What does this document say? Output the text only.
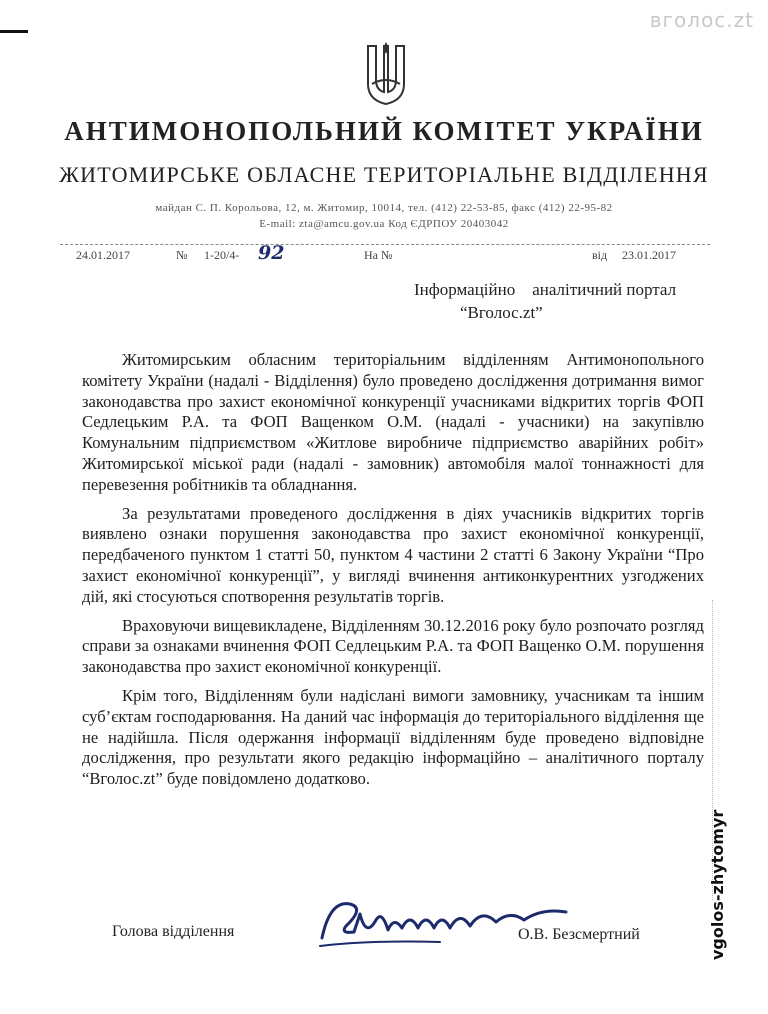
вголос.zt
АНТИМОНОПОЛЬНИЙ КОМІТЕТ УКРАЇНИ
ЖИТОМИРСЬКЕ ОБЛАСНЕ ТЕРИТОРІАЛЬНЕ ВІДДІЛЕННЯ
майдан С. П. Корольова, 12, м. Житомир, 10014, тел. (412) 22-53-85, факс (412) 22-95-82
E-mail: zta@amcu.gov.ua Код ЄДРПОУ 20403042
24.01.2017	№ 1-20/4- 92	На №	від 23.01.2017
Інформаційно    аналітичний портал
“Вголос.zt”

Житомирським обласним територіальним відділенням Антимонопольного комітету України (надалі - Відділення) було проведено дослідження дотримання вимог законодавства про захист економічної конкуренції учасниками відкритих торгів ФОП Седлецьким Р.А. та ФОП Ващенком О.М. (надалі - учасники) на закупівлю Комунальним підприємством «Житлове виробниче підприємство аварійних робіт» Житомирської міської ради (надалі - замовник) автомобіля малої тоннажності для перевезення робітників та обладнання.

За результатами проведеного дослідження в діях учасників відкритих торгів виявлено ознаки порушення законодавства про захист економічної конкуренції, передбаченого пунктом 1 статті 50, пунктом 4 частини 2 статті 6 Закону України “Про захист економічної конкуренції”, у вигляді вчинення антиконкурентних узгоджених дій, які стосуються спотворення результатів торгів.

Враховуючи вищевикладене, Відділенням 30.12.2016 року було розпочато розгляд справи за ознаками вчинення ФОП Седлецьким Р.А. та ФОП Ващенко О.М. порушення законодавства про захист економічної конкуренції.

Крім того, Відділенням були надіслані вимоги замовнику, учасникам та іншим суб’єктам господарювання. На даний час інформація до територіального відділення ще не надійшла. Після одержання інформації відділенням буде проведено відповідне дослідження, про результати якого редакцію інформаційно – аналітичного порталу “Вголос.zt” буде повідомлено додатково.

Голова відділення	О.В. Безсмертний	vgolos-zhytomyr
